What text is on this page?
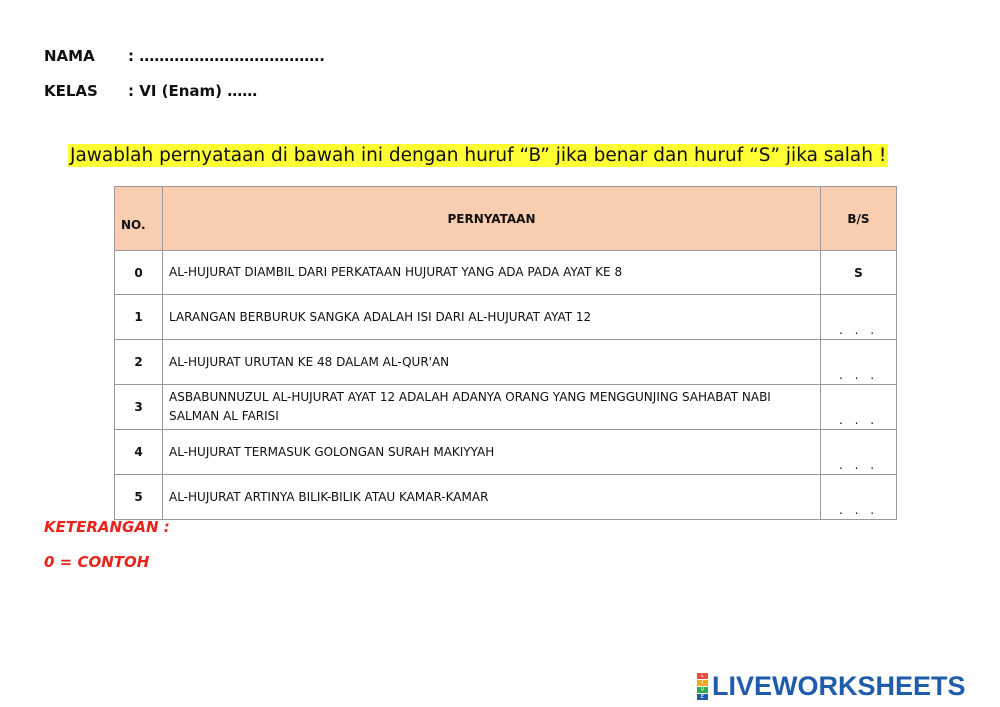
NAMA : ……………………………….
KELAS : VI (Enam) ……
Jawablah pernyataan di bawah ini dengan huruf “B” jika benar dan huruf “S” jika salah !
NO.	PERNYATAAN	B/S
0	AL-HUJURAT DIAMBIL DARI PERKATAAN HUJURAT YANG ADA PADA AYAT KE 8	S
1	LARANGAN BERBURUK SANGKA ADALAH ISI DARI AL-HUJURAT AYAT 12	. . .
2	AL-HUJURAT URUTAN KE 48 DALAM AL-QUR'AN	. . .
3	ASBABUNNUZUL AL-HUJURAT AYAT 12 ADALAH ADANYA ORANG YANG MENGGUNJING SAHABAT NABI SALMAN AL FARISI	. . .
4	AL-HUJURAT TERMASUK GOLONGAN SURAH MAKIYYAH	. . .
5	AL-HUJURAT ARTINYA BILIK-BILIK ATAU KAMAR-KAMAR	. . .
KETERANGAN :
0 = CONTOH
L
I
V
E LIVEWORKSHEETS
